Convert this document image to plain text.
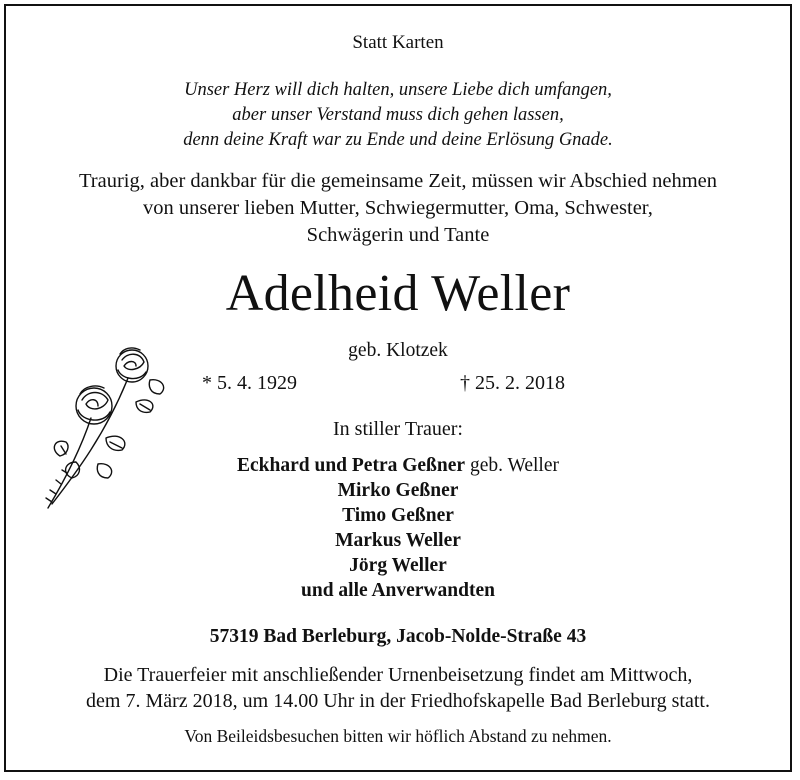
Statt Karten
Unser Herz will dich halten, unsere Liebe dich umfangen,
aber unser Verstand muss dich gehen lassen,
denn deine Kraft war zu Ende und deine Erlösung Gnade.
Traurig, aber dankbar für die gemeinsame Zeit, müssen wir Abschied nehmen
von unserer lieben Mutter, Schwiegermutter, Oma, Schwester,
Schwägerin und Tante
Adelheid Weller
geb. Klotzek
* 5. 4. 1929	† 25. 2. 2018
In stiller Trauer:
Eckhard und Petra Geßner geb. Weller
Mirko Geßner
Timo Geßner
Markus Weller
Jörg Weller
und alle Anverwandten
57319 Bad Berleburg, Jacob-Nolde-Straße 43
Die Trauerfeier mit anschließender Urnenbeisetzung findet am Mittwoch,
dem 7. März 2018, um 14.00 Uhr in der Friedhofskapelle Bad Berleburg statt.
Von Beileidsbesuchen bitten wir höflich Abstand zu nehmen.
